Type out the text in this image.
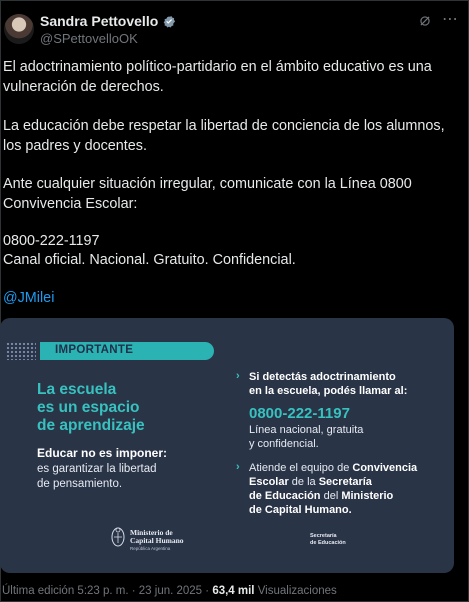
Sandra Pettovello
@SPettovelloOK
⋯
El adoctrinamiento político-partidario en el ámbito educativo es una vulneración de derechos.
La educación debe respetar la libertad de conciencia de los alumnos, los padres y docentes.
Ante cualquier situación irregular, comunicate con la Línea 0800 Convivencia Escolar:
0800-222-1197
Canal oficial. Nacional. Gratuito. Confidencial.
@JMilei
IMPORTANTE
La escuela
es un espacio
de aprendizaje
Educar no es imponer:
es garantizar la libertad
de pensamiento.
› Si detectás adoctrinamiento
en la escuela, podés llamar al:
0800-222-1197
Línea nacional, gratuita
y confidencial.
› Atiende el equipo de Convivencia
Escolar de la Secretaría
de Educación del Ministerio
de Capital Humano.
Ministerio de
Capital Humano
República Argentina
Secretaría
de Educación
Última edición 5:23 p. m. · 23 jun. 2025 · 63,4 mil Visualizaciones
